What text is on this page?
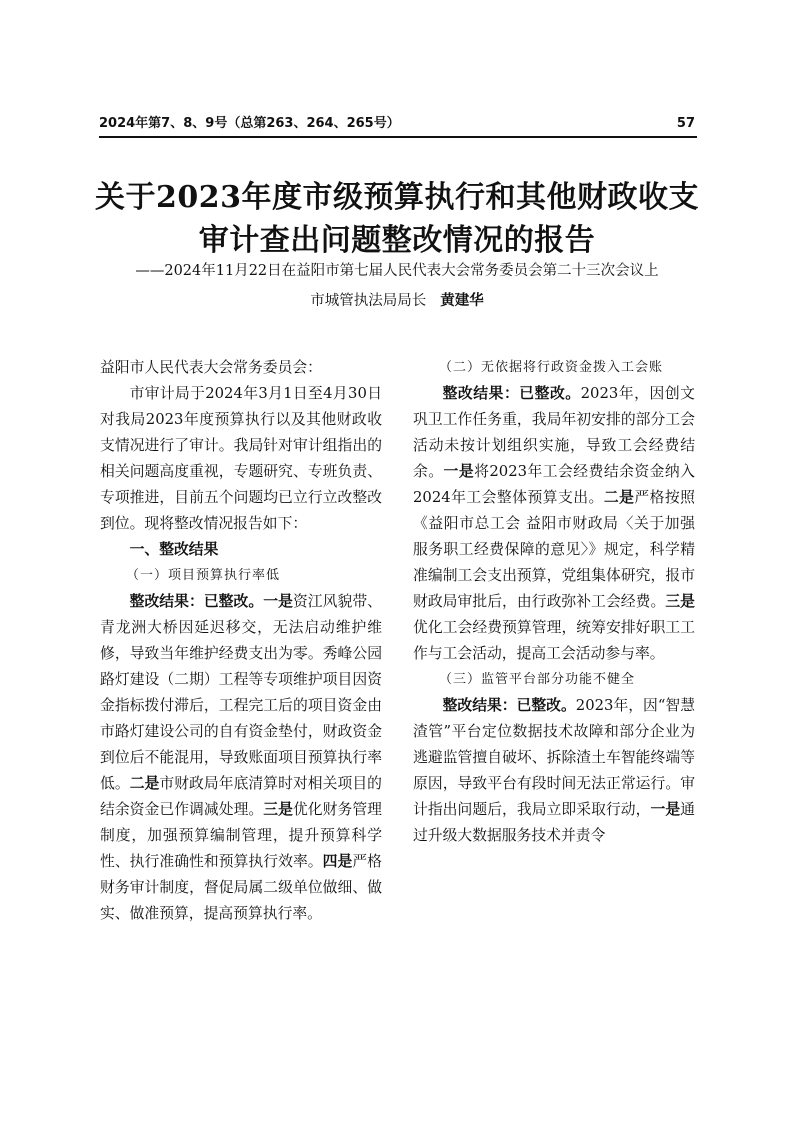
2024年第7、8、9号（总第263、264、265号）	57
关于2023年度市级预算执行和其他财政收支
审计查出问题整改情况的报告
——2024年11月22日在益阳市第七届人民代表大会常务委员会第二十三次会议上
市城管执法局局长 黄建华

益阳市人民代表大会常务委员会：

市审计局于2024年3月1日至4月30日对我局2023年度预算执行以及其他财政收支情况进行了审计。我局针对审计组指出的相关问题高度重视，专题研究、专班负责、专项推进，目前五个问题均已立行立改整改到位。现将整改情况报告如下：

一、整改结果

（一）项目预算执行率低

整改结果：已整改。一是资江风貌带、青龙洲大桥因延迟移交，无法启动维护维修，导致当年维护经费支出为零。秀峰公园路灯建设（二期）工程等专项维护项目因资金指标拨付滞后，工程完工后的项目资金由市路灯建设公司的自有资金垫付，财政资金到位后不能混用，导致账面项目预算执行率低。二是市财政局年底清算时对相关项目的结余资金已作调减处理。三是优化财务管理制度，加强预算编制管理，提升预算科学性、执行准确性和预算执行效率。四是严格财务审计制度，督促局属二级单位做细、做实、做准预算，提高预算执行率。

（二）无依据将行政资金拨入工会账

整改结果：已整改。2023年，因创文巩卫工作任务重，我局年初安排的部分工会活动未按计划组织实施，导致工会经费结余。一是将2023年工会经费结余资金纳入2024年工会整体预算支出。二是严格按照《益阳市总工会 益阳市财政局〈关于加强服务职工经费保障的意见〉》规定，科学精准编制工会支出预算，党组集体研究，报市财政局审批后，由行政弥补工会经费。三是优化工会经费预算管理，统筹安排好职工工作与工会活动，提高工会活动参与率。

（三）监管平台部分功能不健全

整改结果：已整改。2023年，因“智慧渣管”平台定位数据技术故障和部分企业为逃避监管擅自破坏、拆除渣土车智能终端等原因，导致平台有段时间无法正常运行。审计指出问题后，我局立即采取行动，一是通过升级大数据服务技术并责令
